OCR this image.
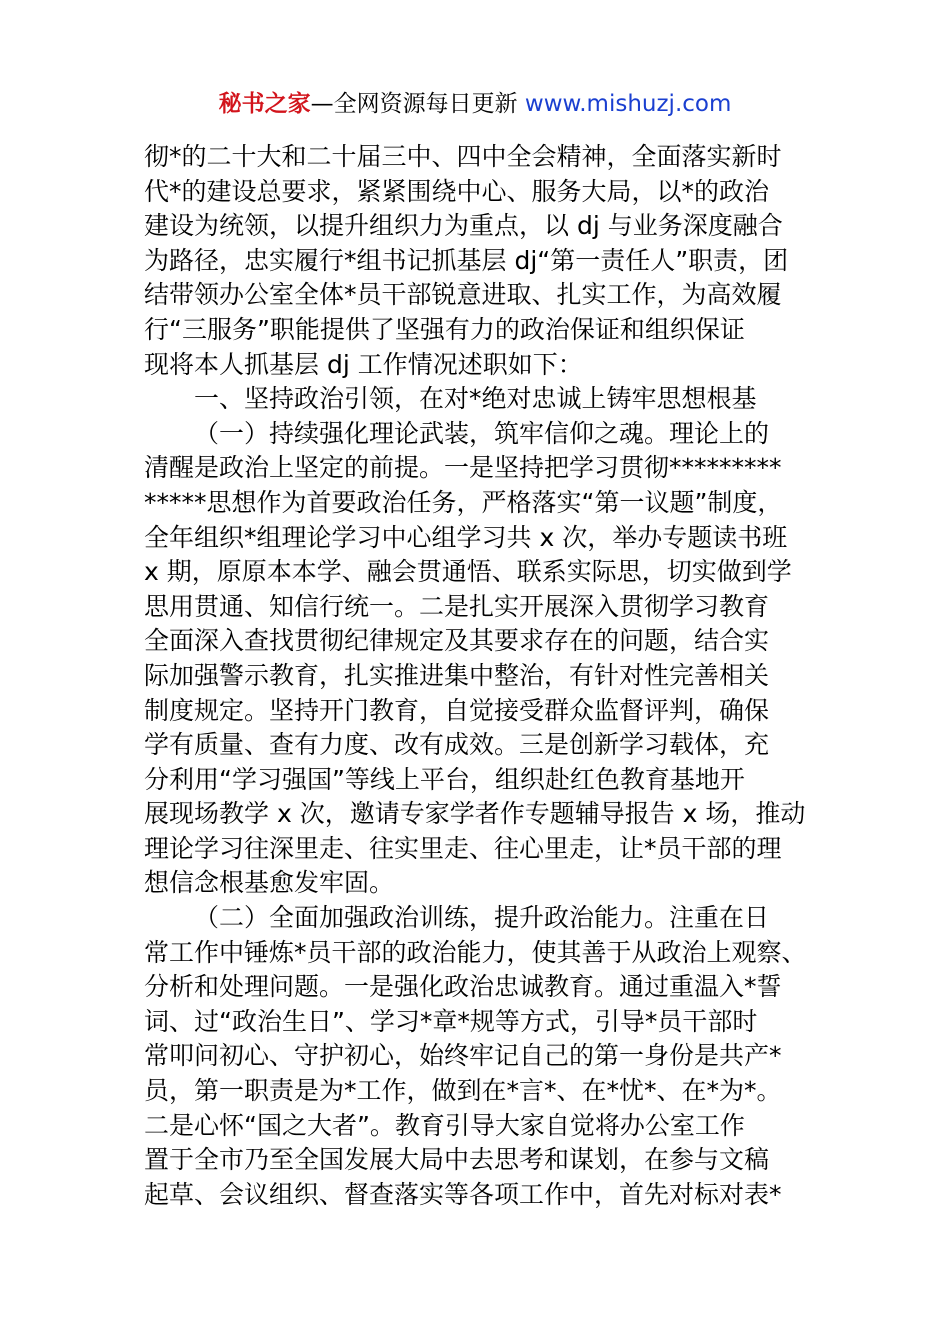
秘书之家—全网资源每日更新 www.mishuzj.com
彻*的二十大和二十届三中、四中全会精神，全面落实新时
代*的建设总要求，紧紧围绕中心、服务大局，以*的政治
建设为统领，以提升组织力为重点，以 dj 与业务深度融合
为路径，忠实履行*组书记抓基层 dj“第一责任人”职责，团
结带领办公室全体*员干部锐意进取、扎实工作，为高效履
行“三服务”职能提供了坚强有力的政治保证和组织保证
现将本人抓基层 dj 工作情况述职如下：
一、坚持政治引领，在对*绝对忠诚上铸牢思想根基
（一）持续强化理论武装，筑牢信仰之魂。理论上的
清醒是政治上坚定的前提。一是坚持把学习贯彻*********
*****思想作为首要政治任务，严格落实“第一议题”制度，
全年组织*组理论学习中心组学习共 x 次，举办专题读书班
x 期，原原本本学、融会贯通悟、联系实际思，切实做到学
思用贯通、知信行统一。二是扎实开展深入贯彻学习教育
全面深入查找贯彻纪律规定及其要求存在的问题，结合实
际加强警示教育，扎实推进集中整治，有针对性完善相关
制度规定。坚持开门教育，自觉接受群众监督评判，确保
学有质量、查有力度、改有成效。三是创新学习载体，充
分利用“学习强国”等线上平台，组织赴红色教育基地开
展现场教学 x 次，邀请专家学者作专题辅导报告 x 场，推动
理论学习往深里走、往实里走、往心里走，让*员干部的理
想信念根基愈发牢固。
（二）全面加强政治训练，提升政治能力。注重在日
常工作中锤炼*员干部的政治能力，使其善于从政治上观察、
分析和处理问题。一是强化政治忠诚教育。通过重温入*誓
词、过“政治生日”、学习*章*规等方式，引导*员干部时
常叩问初心、守护初心，始终牢记自己的第一身份是共产*
员，第一职责是为*工作，做到在*言*、在*忧*、在*为*。
二是心怀“国之大者”。教育引导大家自觉将办公室工作
置于全市乃至全国发展大局中去思考和谋划，在参与文稿
起草、会议组织、督查落实等各项工作中，首先对标对表*
